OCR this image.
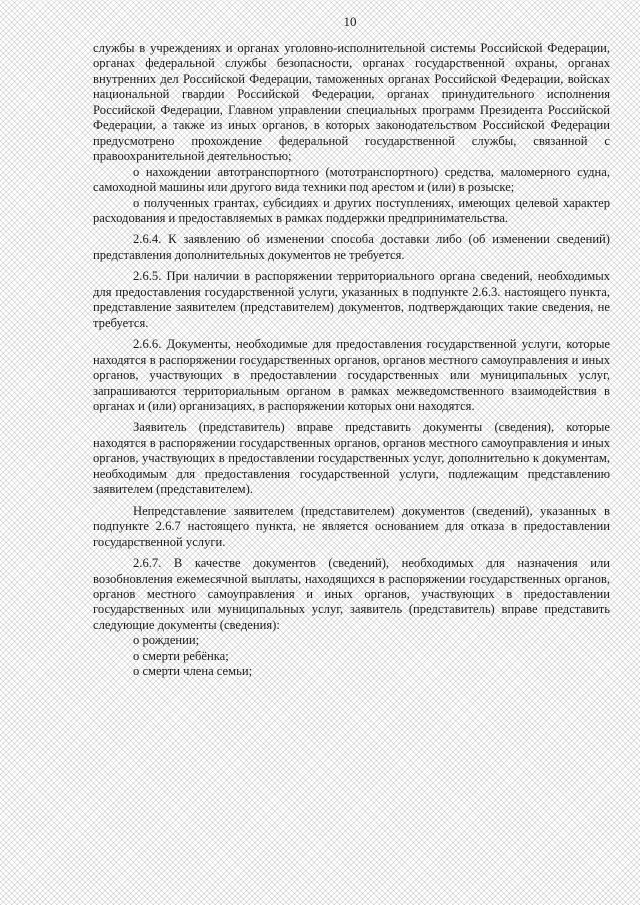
10

службы в учреждениях и органах уголовно-исполнительной системы Российской Федерации, органах федеральной службы безопасности, органах государственной охраны, органах внутренних дел Российской Федерации, таможенных органах Российской Федерации, войсках национальной гвардии Российской Федерации, органах принудительного исполнения Российской Федерации, Главном управлении специальных программ Президента Российской Федерации, а также из иных органов, в которых законодательством Российской Федерации предусмотрено прохождение федеральной государственной службы, связанной с правоохранительной деятельностью;

о нахождении автотранспортного (мототранспортного) средства, маломерного судна, самоходной машины или другого вида техники под арестом и (или) в розыске;

о полученных грантах, субсидиях и других поступлениях, имеющих целевой характер расходования и предоставляемых в рамках поддержки предпринимательства.

2.6.4. К заявлению об изменении способа доставки либо (об изменении сведений) представления дополнительных документов не требуется.

2.6.5. При наличии в распоряжении территориального органа сведений, необходимых для предоставления государственной услуги, указанных в подпункте 2.6.3. настоящего пункта, представление заявителем (представителем) документов, подтверждающих такие сведения, не требуется.

2.6.6. Документы, необходимые для предоставления государственной услуги, которые находятся в распоряжении государственных органов, органов местного самоуправления и иных органов, участвующих в предоставлении государственных или муниципальных услуг, запрашиваются территориальным органом в рамках межведомственного взаимодействия в органах и (или) организациях, в распоряжении которых они находятся.

Заявитель (представитель) вправе представить документы (сведения), которые находятся в распоряжении государственных органов, органов местного самоуправления и иных органов, участвующих в предоставлении государственных услуг, дополнительно к документам, необходимым для предоставления государственной услуги, подлежащим представлению заявителем (представителем).

Непредставление заявителем (представителем) документов (сведений), указанных в подпункте 2.6.7 настоящего пункта, не является основанием для отказа в предоставлении государственной услуги.

2.6.7. В качестве документов (сведений), необходимых для назначения или возобновления ежемесячной выплаты, находящихся в распоряжении государственных органов, органов местного самоуправления и иных органов, участвующих в предоставлении государственных или муниципальных услуг, заявитель (представитель) вправе представить следующие документы (сведения):

о рождении;

о смерти ребёнка;

о смерти члена семьи;
